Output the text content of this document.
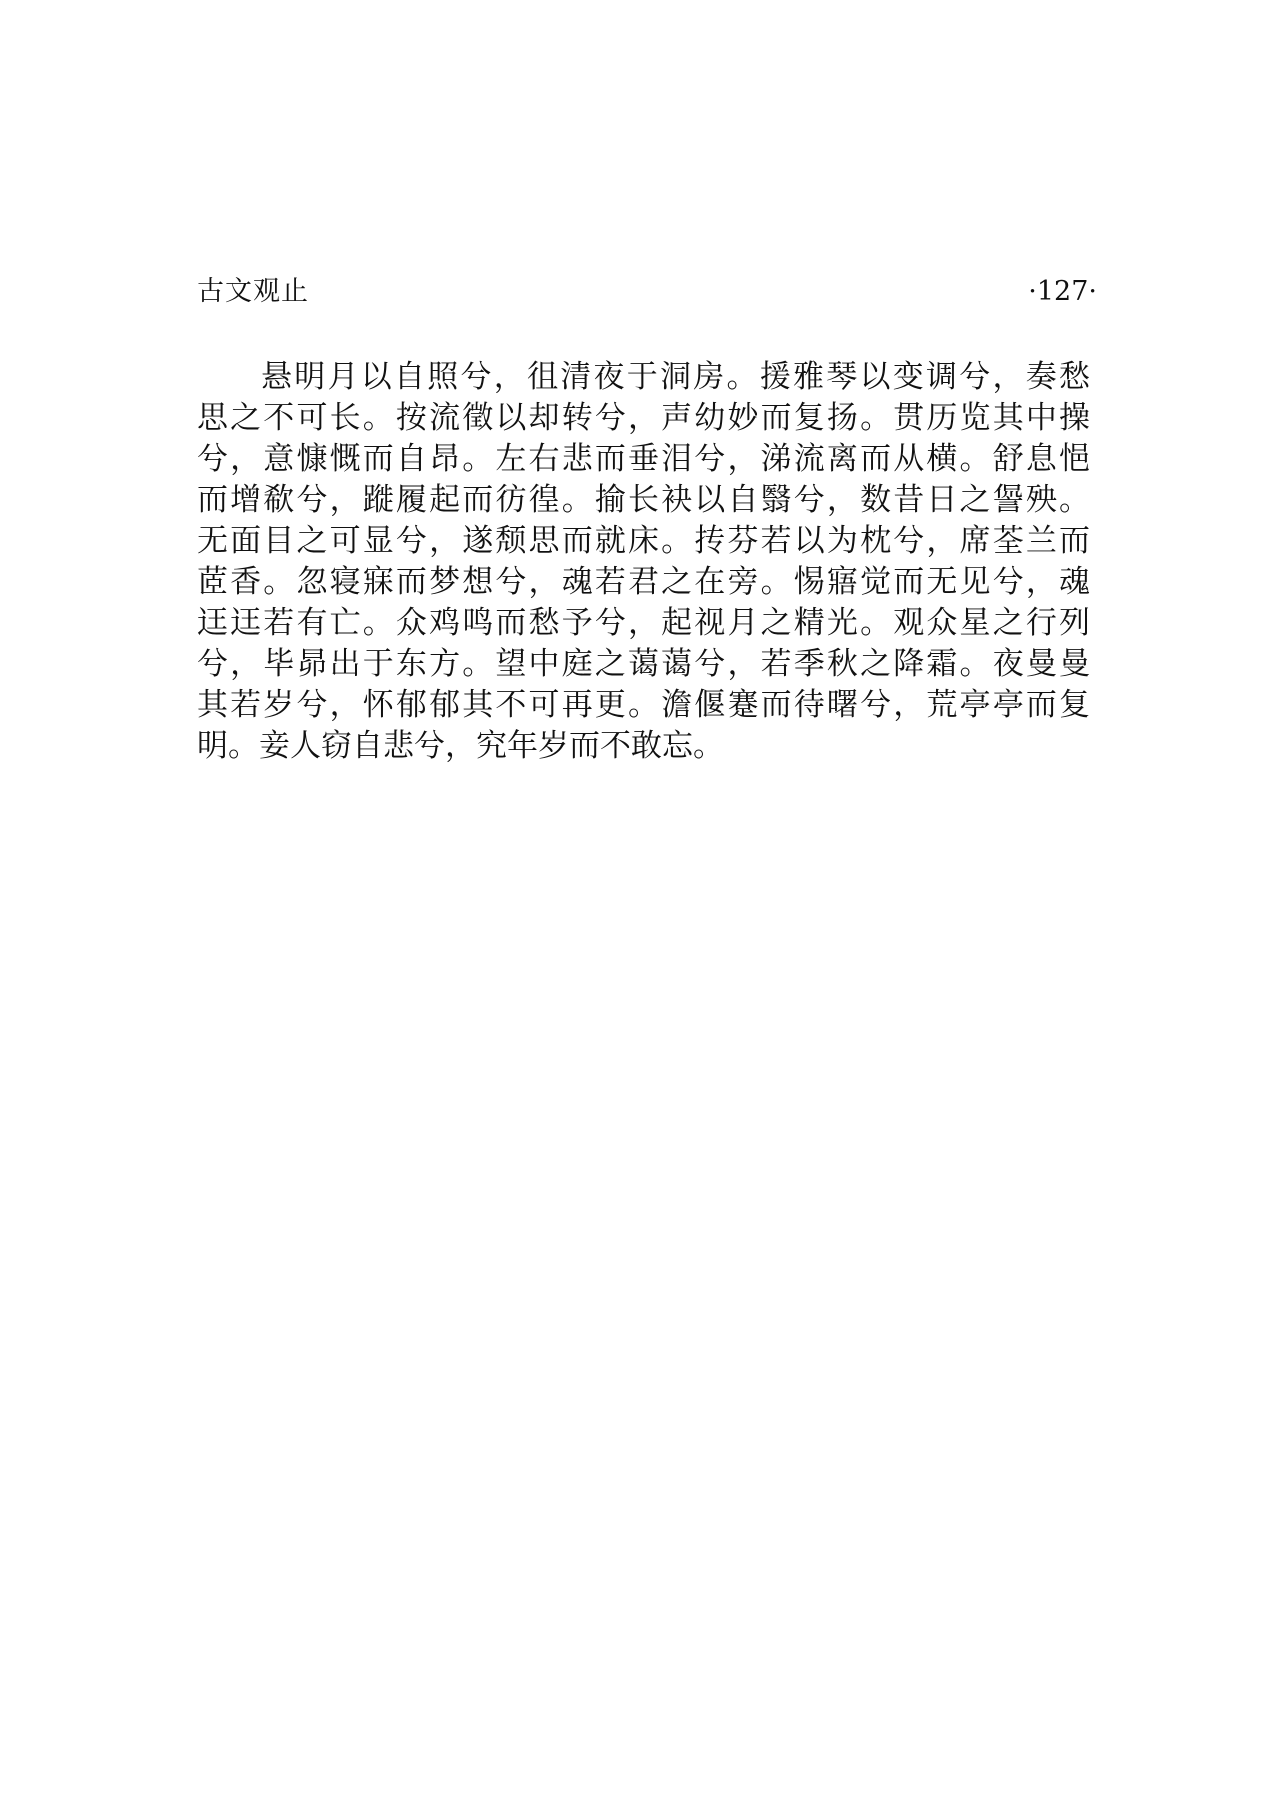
古文观止	·127·
悬明月以自照兮，徂清夜于洞房。援雅琴以变调兮，奏愁
思之不可长。按流徵以却转兮，声幼妙而复扬。贯历览其中操
兮，意慷慨而自昂。左右悲而垂泪兮，涕流离而从横。舒息悒
而增欷兮，蹝履起而彷徨。揄长袂以自翳兮，数昔日之諐殃。
无面目之可显兮，遂颓思而就床。抟芬若以为枕兮，席荃兰而
茝香。忽寝寐而梦想兮，魂若君之在旁。惕寤觉而无见兮，魂
迋迋若有亡。众鸡鸣而愁予兮，起视月之精光。观众星之行列
兮，毕昴出于东方。望中庭之蔼蔼兮，若季秋之降霜。夜曼曼
其若岁兮，怀郁郁其不可再更。澹偃蹇而待曙兮，荒亭亭而复
明。妾人窃自悲兮，究年岁而不敢忘。
